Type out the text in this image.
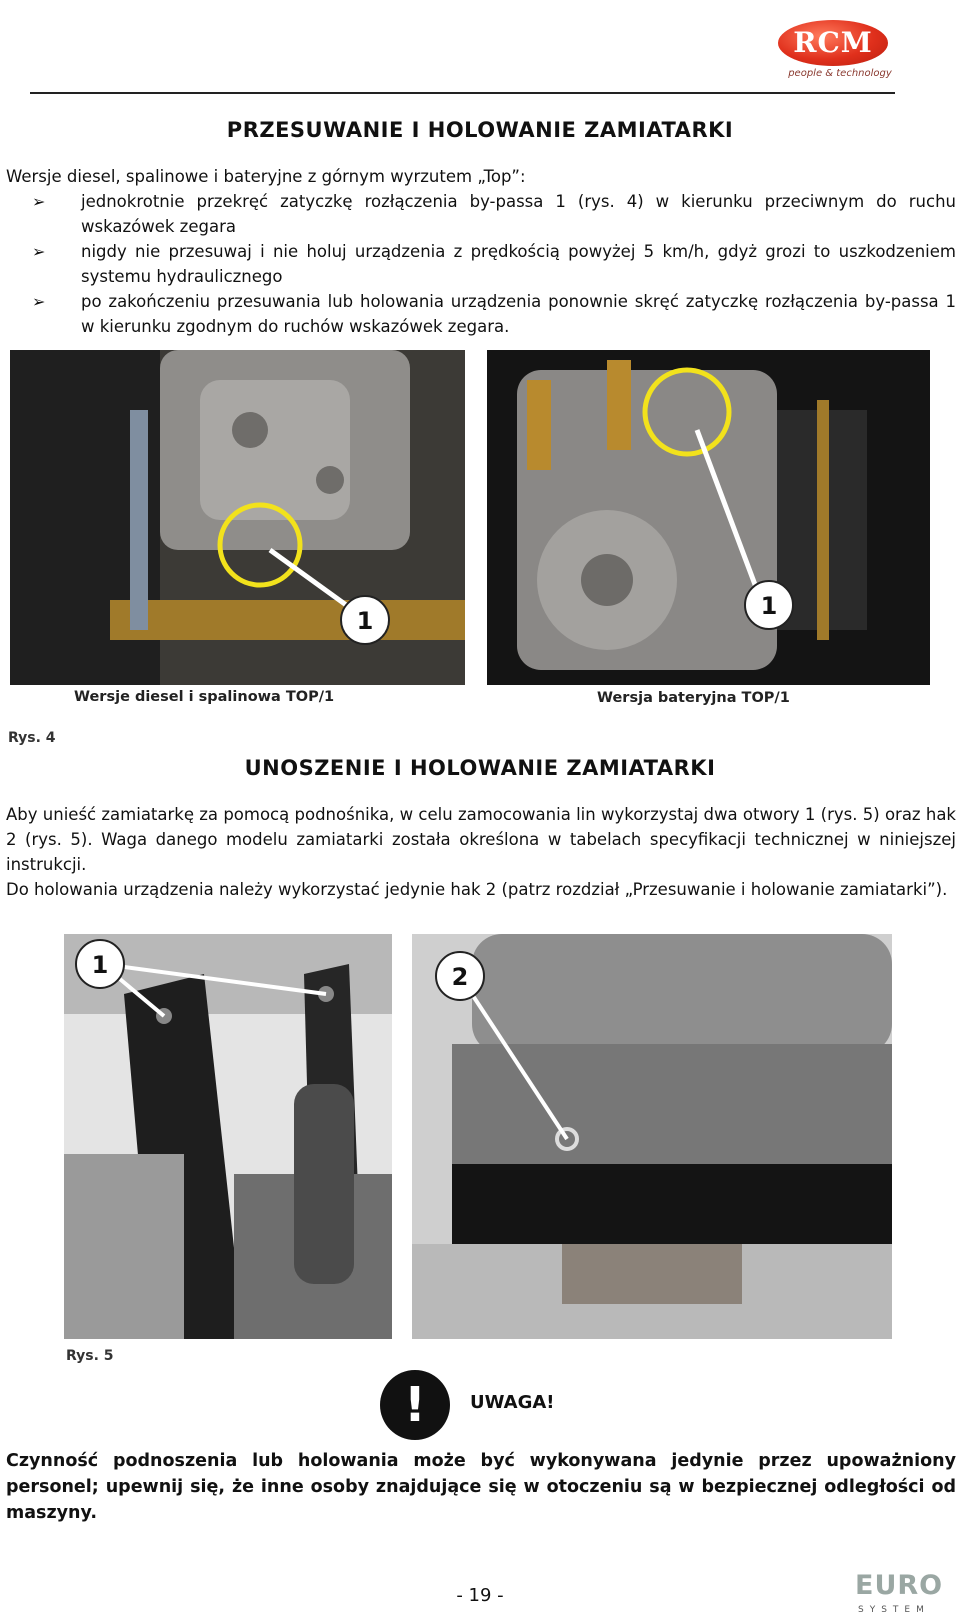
RCM
people & technology
PRZESUWANIE I HOLOWANIE ZAMIATARKI
Wersje diesel, spalinowe i bateryjne z górnym wyrzutem „Top”:
➢ jednokrotnie przekręć zatyczkę rozłączenia by-passa 1 (rys. 4) w kierunku przeciwnym do ruchu wskazówek zegara
➢ nigdy nie przesuwaj i nie holuj urządzenia z prędkością powyżej 5 km/h, gdyż grozi to uszkodzeniem systemu hydraulicznego
➢ po zakończeniu przesuwania lub holowania urządzenia ponownie skręć zatyczkę rozłączenia by-passa 1 w kierunku zgodnym do ruchów wskazówek zegara.
1
1
Wersje diesel i spalinowa TOP/1	Wersja bateryjna TOP/1
Rys. 4
UNOSZENIE I HOLOWANIE ZAMIATARKI
Aby unieść zamiatarkę za pomocą podnośnika, w celu zamocowania lin wykorzystaj dwa otwory 1 (rys. 5) oraz hak 2 (rys. 5). Waga danego modelu zamiatarki została określona w tabelach specyfikacji technicznej w niniejszej instrukcji.
Do holowania urządzenia należy wykorzystać jedynie hak 2 (patrz rozdział „Przesuwanie i holowanie zamiatarki”).
1	2
Rys. 5
!	UWAGA!
Czynność podnoszenia lub holowania może być wykonywana jedynie przez upoważniony personel; upewnij się, że inne osoby znajdujące się w otoczeniu są w bezpiecznej odległości od maszyny.
- 19 -	EURO
SYSTEM
